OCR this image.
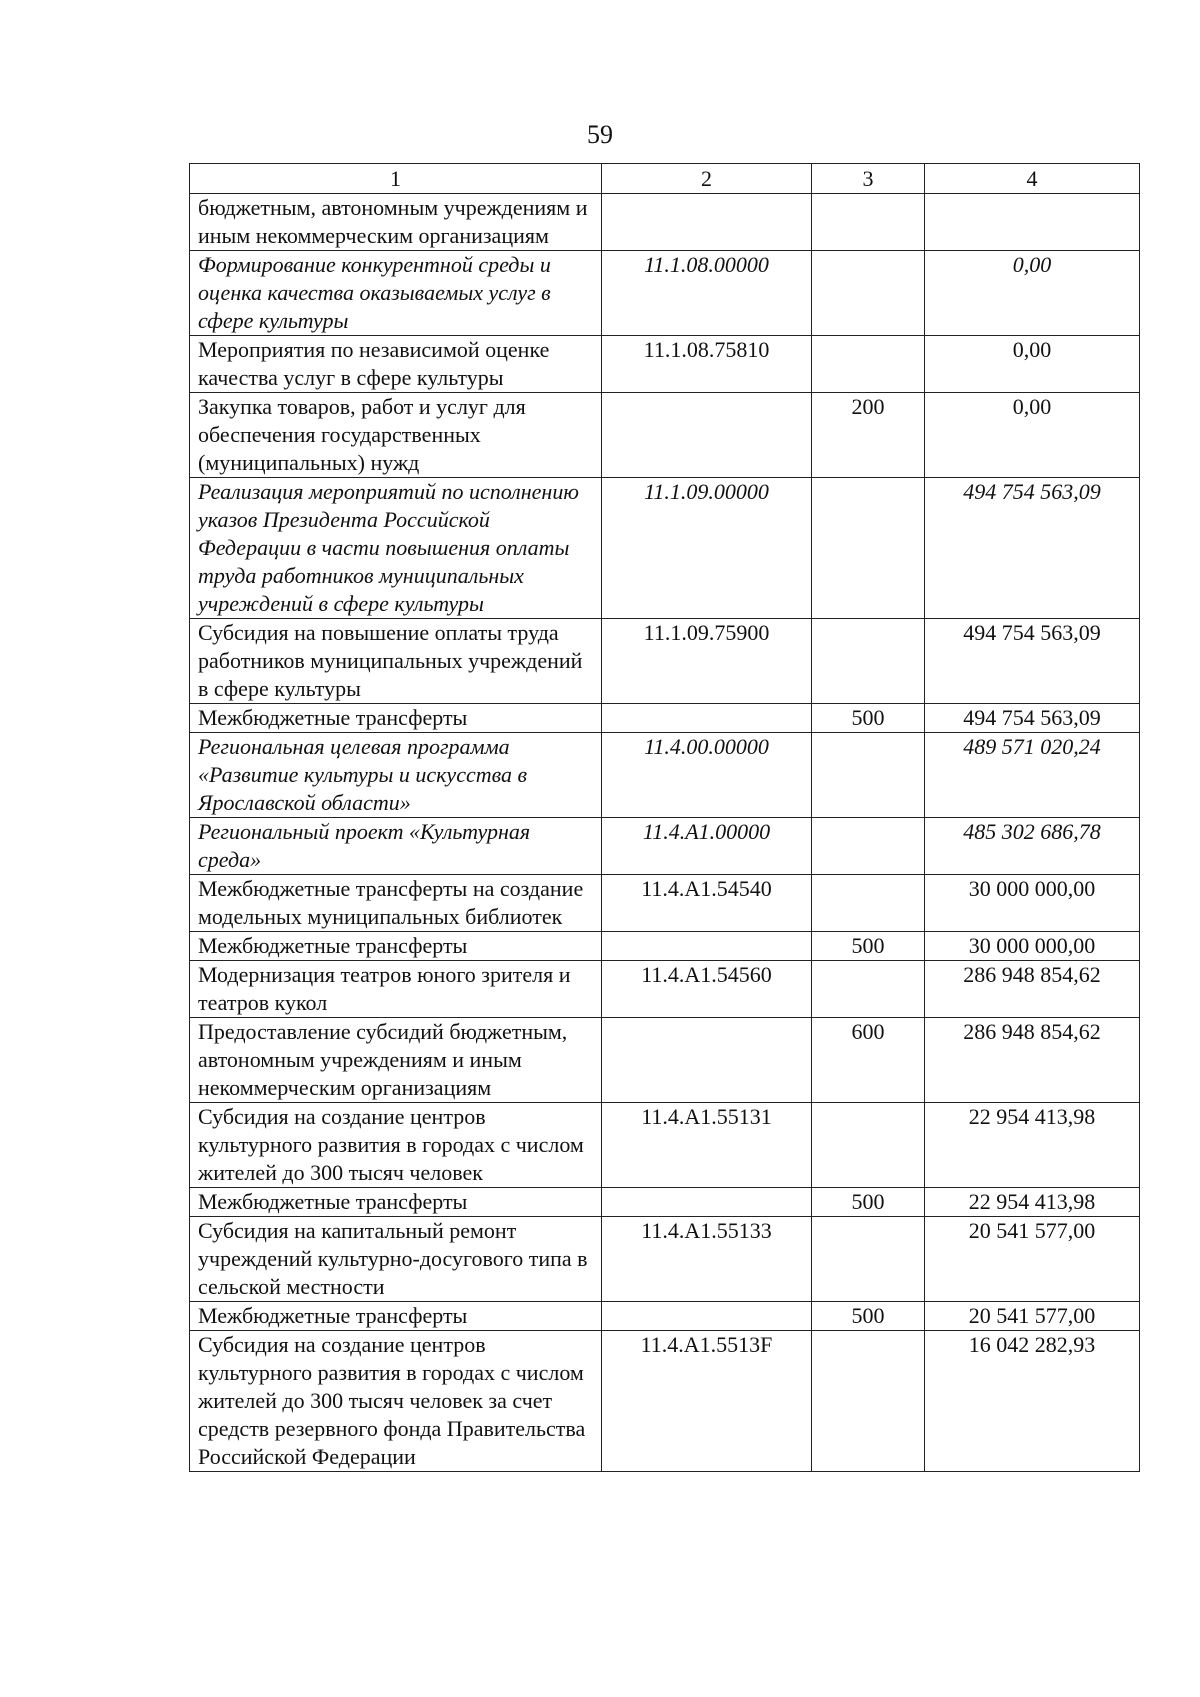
59
1	2	3	4
бюджетным, автономным учреждениям и иным некоммерческим организациям			
Формирование конкурентной среды и оценка качества оказываемых услуг в сфере культуры	11.1.08.00000		0,00
Мероприятия по независимой оценке качества услуг в сфере культуры	11.1.08.75810		0,00
Закупка товаров, работ и услуг для обеспечения государственных (муниципальных) нужд		200	0,00
Реализация мероприятий по исполнению указов Президента Российской Федерации в части повышения оплаты труда работников муниципальных учреждений в сфере культуры	11.1.09.00000		494 754 563,09
Субсидия на повышение оплаты труда работников муниципальных учреждений в сфере культуры	11.1.09.75900		494 754 563,09
Межбюджетные трансферты		500	494 754 563,09
Региональная целевая программа «Развитие культуры и искусства в Ярославской области»	11.4.00.00000		489 571 020,24
Региональный проект «Культурная среда»	11.4.А1.00000		485 302 686,78
Межбюджетные трансферты на создание модельных муниципальных библиотек	11.4.А1.54540		30 000 000,00
Межбюджетные трансферты		500	30 000 000,00
Модернизация театров юного зрителя и театров кукол	11.4.А1.54560		286 948 854,62
Предоставление субсидий бюджетным, автономным учреждениям и иным некоммерческим организациям		600	286 948 854,62
Субсидия на создание центров культурного развития в городах с числом жителей до 300 тысяч человек	11.4.А1.55131		22 954 413,98
Межбюджетные трансферты		500	22 954 413,98
Субсидия на капитальный ремонт учреждений культурно-досугового типа в сельской местности	11.4.А1.55133		20 541 577,00
Межбюджетные трансферты		500	20 541 577,00
Субсидия на создание центров культурного развития в городах с числом жителей до 300 тысяч человек за счет средств резервного фонда Правительства Российской Федерации	11.4.А1.5513F		16 042 282,93
